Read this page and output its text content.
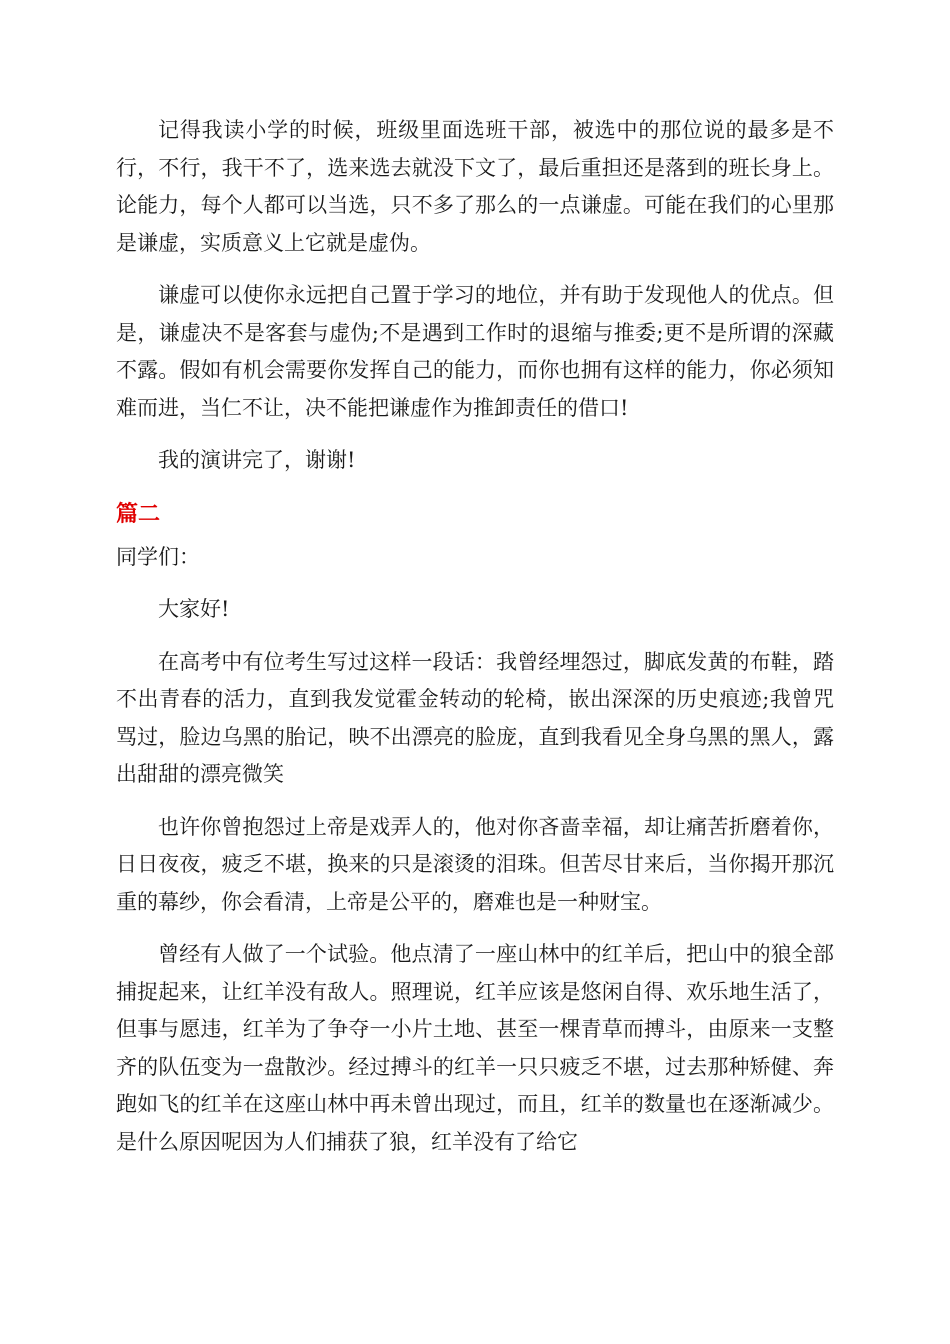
记得我读小学的时候，班级里面选班干部，被选中的那位说的最多是不行，不行，我干不了，选来选去就没下文了，最后重担还是落到的班长身上。论能力，每个人都可以当选，只不多了那么的一点谦虚。可能在我们的心里那是谦虚，实质意义上它就是虚伪。

谦虚可以使你永远把自己置于学习的地位，并有助于发现他人的优点。但是，谦虚决不是客套与虚伪;不是遇到工作时的退缩与推委;更不是所谓的深藏不露。假如有机会需要你发挥自己的能力，而你也拥有这样的能力，你必须知难而进，当仁不让，决不能把谦虚作为推卸责任的借口!

我的演讲完了，谢谢!

篇二

同学们：

大家好!

在高考中有位考生写过这样一段话：我曾经埋怨过，脚底发黄的布鞋，踏不出青春的活力，直到我发觉霍金转动的轮椅，嵌出深深的历史痕迹;我曾咒骂过，脸边乌黑的胎记，映不出漂亮的脸庞，直到我看见全身乌黑的黑人，露出甜甜的漂亮微笑

也许你曾抱怨过上帝是戏弄人的，他对你吝啬幸福，却让痛苦折磨着你，日日夜夜，疲乏不堪，换来的只是滚烫的泪珠。但苦尽甘来后，当你揭开那沉重的幕纱，你会看清，上帝是公平的，磨难也是一种财宝。

曾经有人做了一个试验。他点清了一座山林中的红羊后，把山中的狼全部捕捉起来，让红羊没有敌人。照理说，红羊应该是悠闲自得、欢乐地生活了，但事与愿违，红羊为了争夺一小片土地、甚至一棵青草而搏斗，由原来一支整齐的队伍变为一盘散沙。经过搏斗的红羊一只只疲乏不堪，过去那种矫健、奔跑如飞的红羊在这座山林中再未曾出现过，而且，红羊的数量也在逐渐减少。是什么原因呢因为人们捕获了狼，红羊没有了给它
